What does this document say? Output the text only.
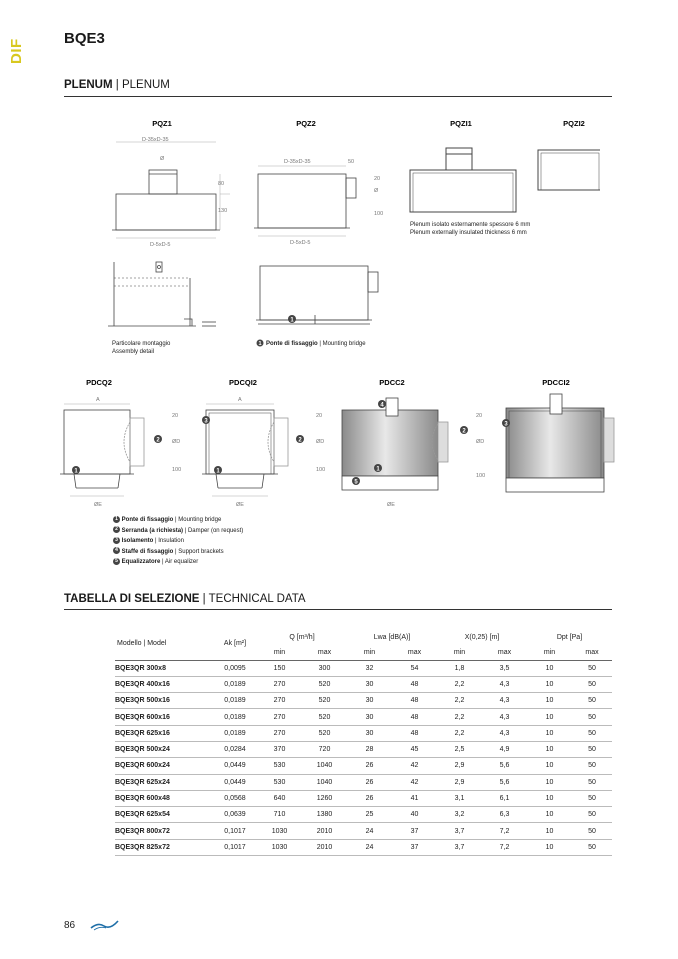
DIF	BQE3
PLENUM | PLENUM
PQZ1	PQZ2	PQZI1	PQZI2
D-35xD-35
Ø
80
130
D-5xD-5
D-35xD-35	50
20
Ø
100
D-5xD-5
Plenum isolato esternamente spessore 6 mm
Plenum externally insulated thickness 6 mm
Particolare montaggio
Assembly detail
1
1 Ponte di fissaggio | Mounting bridge
PDCQ2	PDCQI2	PDCC2	PDCCI2
A
20
ØD
100
ØE
1
2
A
20
ØD
100
ØE
3
1
2
20
ØD
100
ØE
4
1
5
2
3
1 Ponte di fissaggio | Mounting bridge
2 Serranda (a richiesta) | Damper (on request)
3 Isolamento | Insulation
4 Staffe di fissaggio | Support brackets
5 Equalizzatore | Air equalizer
TABELLA DI SELEZIONE | TECHNICAL DATA
Modello | Model	Ak [m²]	Q [m³/h]		Lwa [dB(A)]		X(0,25) [m]		Dpt [Pa]	
		min	max	min	max	min	max	min	max
BQE3QR 300x8	0,0095	150	300	32	54	1,8	3,5	10	50
BQE3QR 400x16	0,0189	270	520	30	48	2,2	4,3	10	50
BQE3QR 500x16	0,0189	270	520	30	48	2,2	4,3	10	50
BQE3QR 600x16	0,0189	270	520	30	48	2,2	4,3	10	50
BQE3QR 625x16	0,0189	270	520	30	48	2,2	4,3	10	50
BQE3QR 500x24	0,0284	370	720	28	45	2,5	4,9	10	50
BQE3QR 600x24	0,0449	530	1040	26	42	2,9	5,6	10	50
BQE3QR 625x24	0,0449	530	1040	26	42	2,9	5,6	10	50
BQE3QR 600x48	0,0568	640	1260	26	41	3,1	6,1	10	50
BQE3QR 625x54	0,0639	710	1380	25	40	3,2	6,3	10	50
BQE3QR 800x72	0,1017	1030	2010	24	37	3,7	7,2	10	50
BQE3QR 825x72	0,1017	1030	2010	24	37	3,7	7,2	10	50
86
